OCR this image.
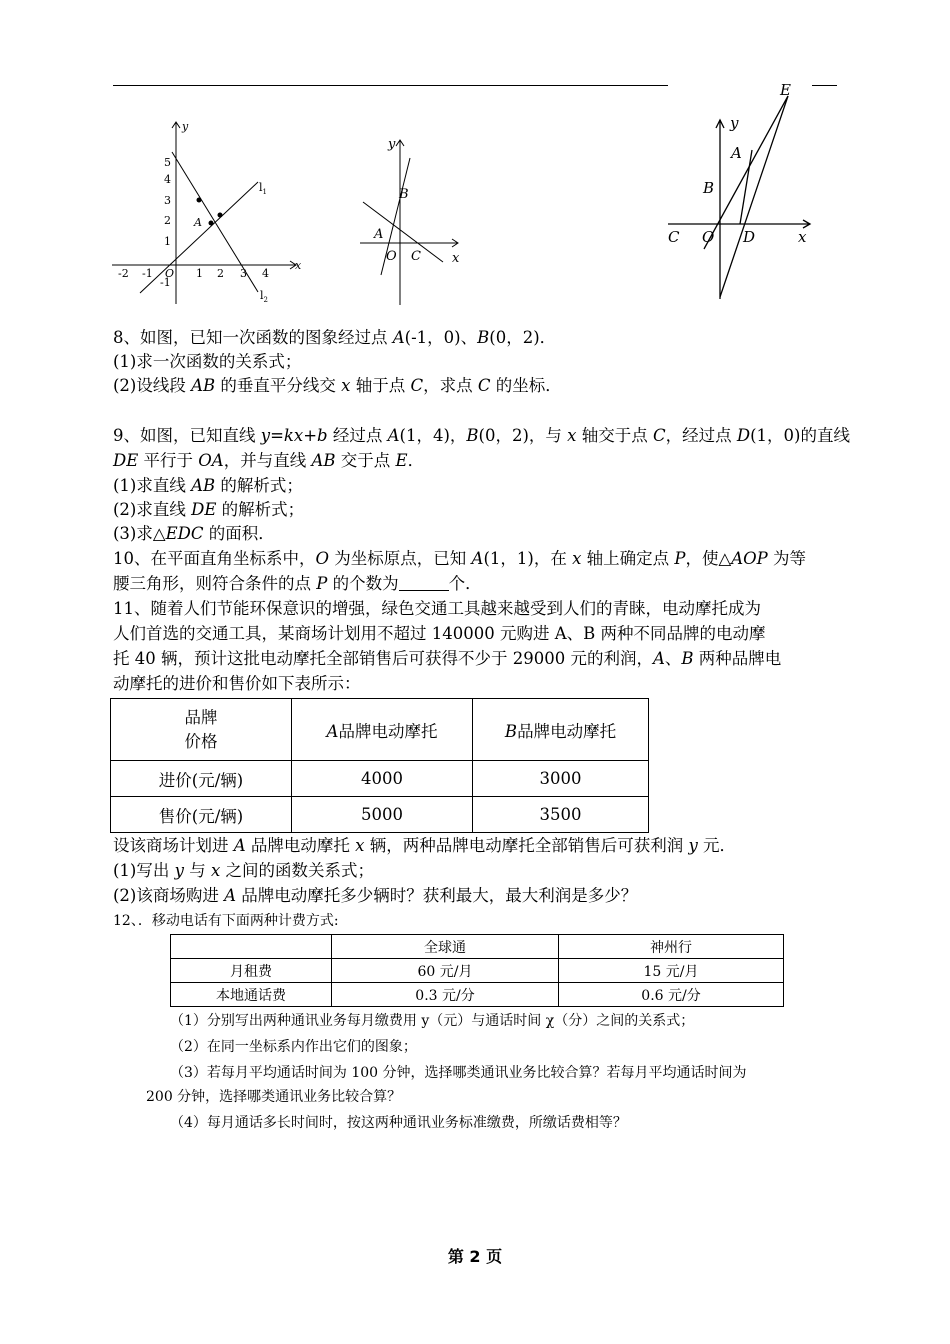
y
x
O
A
$l_1$
$l_2$
-2 -1	1 2 3 4
5
4
3
2
1
-1
y
x
A
B
O C
E
y
A
B
C O D	x
8、如图，已知一次函数的图象经过点 A(-1，0)、B(0，2)．
(1)求一次函数的关系式；
(2)设线段 AB 的垂直平分线交 x 轴于点 C，求点 C 的坐标．
9、如图，已知直线 y=kx+b 经过点 A(1，4)，B(0，2)，与 x 轴交于点 C，经过点 D(1，0)的直线
DE 平行于 OA，并与直线 AB 交于点 E．
(1)求直线 AB 的解析式；
(2)求直线 DE 的解析式；
(3)求△EDC 的面积．
10、在平面直角坐标系中，O 为坐标原点，已知 A(1，1)，在 x 轴上确定点 P，使△AOP 为等
腰三角形，则符合条件的点 P 的个数为	个．
11、随着人们节能环保意识的增强，绿色交通工具越来越受到人们的青睐，电动摩托成为
人们首选的交通工具，某商场计划用不超过 140000 元购进 A、B 两种不同品牌的电动摩
托 40 辆，预计这批电动摩托全部销售后可获得不少于 29000 元的利润，A、B 两种品牌电
动摩托的进价和售价如下表所示：
品牌
价格	A品牌电动摩托	B品牌电动摩托
进价(元/辆)	4000	3000
售价(元/辆)	5000	3500
设该商场计划进 A 品牌电动摩托 x 辆，两种品牌电动摩托全部销售后可获利润 y 元．
(1)写出 y 与 x 之间的函数关系式；
(2)该商场购进 A 品牌电动摩托多少辆时？获利最大，最大利润是多少？
12、．移动电话有下面两种计费方式:
	全球通	神州行
月租费	60 元/月	15 元/月
本地通话费	0.3 元/分	0.6 元/分
（1）分别写出两种通讯业务每月缴费用 y（元）与通话时间 χ（分）之间的关系式；
（2）在同一坐标系内作出它们的图象；
（3）若每月平均通话时间为 100 分钟，选择哪类通讯业务比较合算？若每月平均通话时间为
200 分钟，选择哪类通讯业务比较合算？
（4）每月通话多长时间时，按这两种通讯业务标准缴费，所缴话费相等？
第 2 页
